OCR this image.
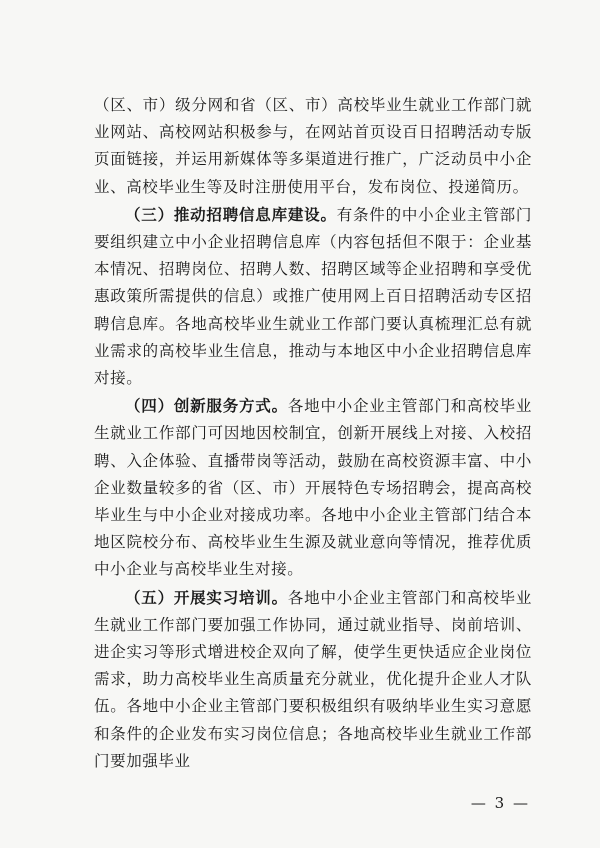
（区、市）级分网和省（区、市）高校毕业生就业工作部门就业网站、高校网站积极参与，在网站首页设百日招聘活动专版页面链接，并运用新媒体等多渠道进行推广，广泛动员中小企业、高校毕业生等及时注册使用平台，发布岗位、投递简历。

（三）推动招聘信息库建设。有条件的中小企业主管部门要组织建立中小企业招聘信息库（内容包括但不限于：企业基本情况、招聘岗位、招聘人数、招聘区域等企业招聘和享受优惠政策所需提供的信息）或推广使用网上百日招聘活动专区招聘信息库。各地高校毕业生就业工作部门要认真梳理汇总有就业需求的高校毕业生信息，推动与本地区中小企业招聘信息库对接。

（四）创新服务方式。各地中小企业主管部门和高校毕业生就业工作部门可因地因校制宜，创新开展线上对接、入校招聘、入企体验、直播带岗等活动，鼓励在高校资源丰富、中小企业数量较多的省（区、市）开展特色专场招聘会，提高高校毕业生与中小企业对接成功率。各地中小企业主管部门结合本地区院校分布、高校毕业生生源及就业意向等情况，推荐优质中小企业与高校毕业生对接。

（五）开展实习培训。各地中小企业主管部门和高校毕业生就业工作部门要加强工作协同，通过就业指导、岗前培训、进企实习等形式增进校企双向了解，使学生更快适应企业岗位需求，助力高校毕业生高质量充分就业，优化提升企业人才队伍。各地中小企业主管部门要积极组织有吸纳毕业生实习意愿和条件的企业发布实习岗位信息；各地高校毕业生就业工作部门要加强毕业

— 3 —
